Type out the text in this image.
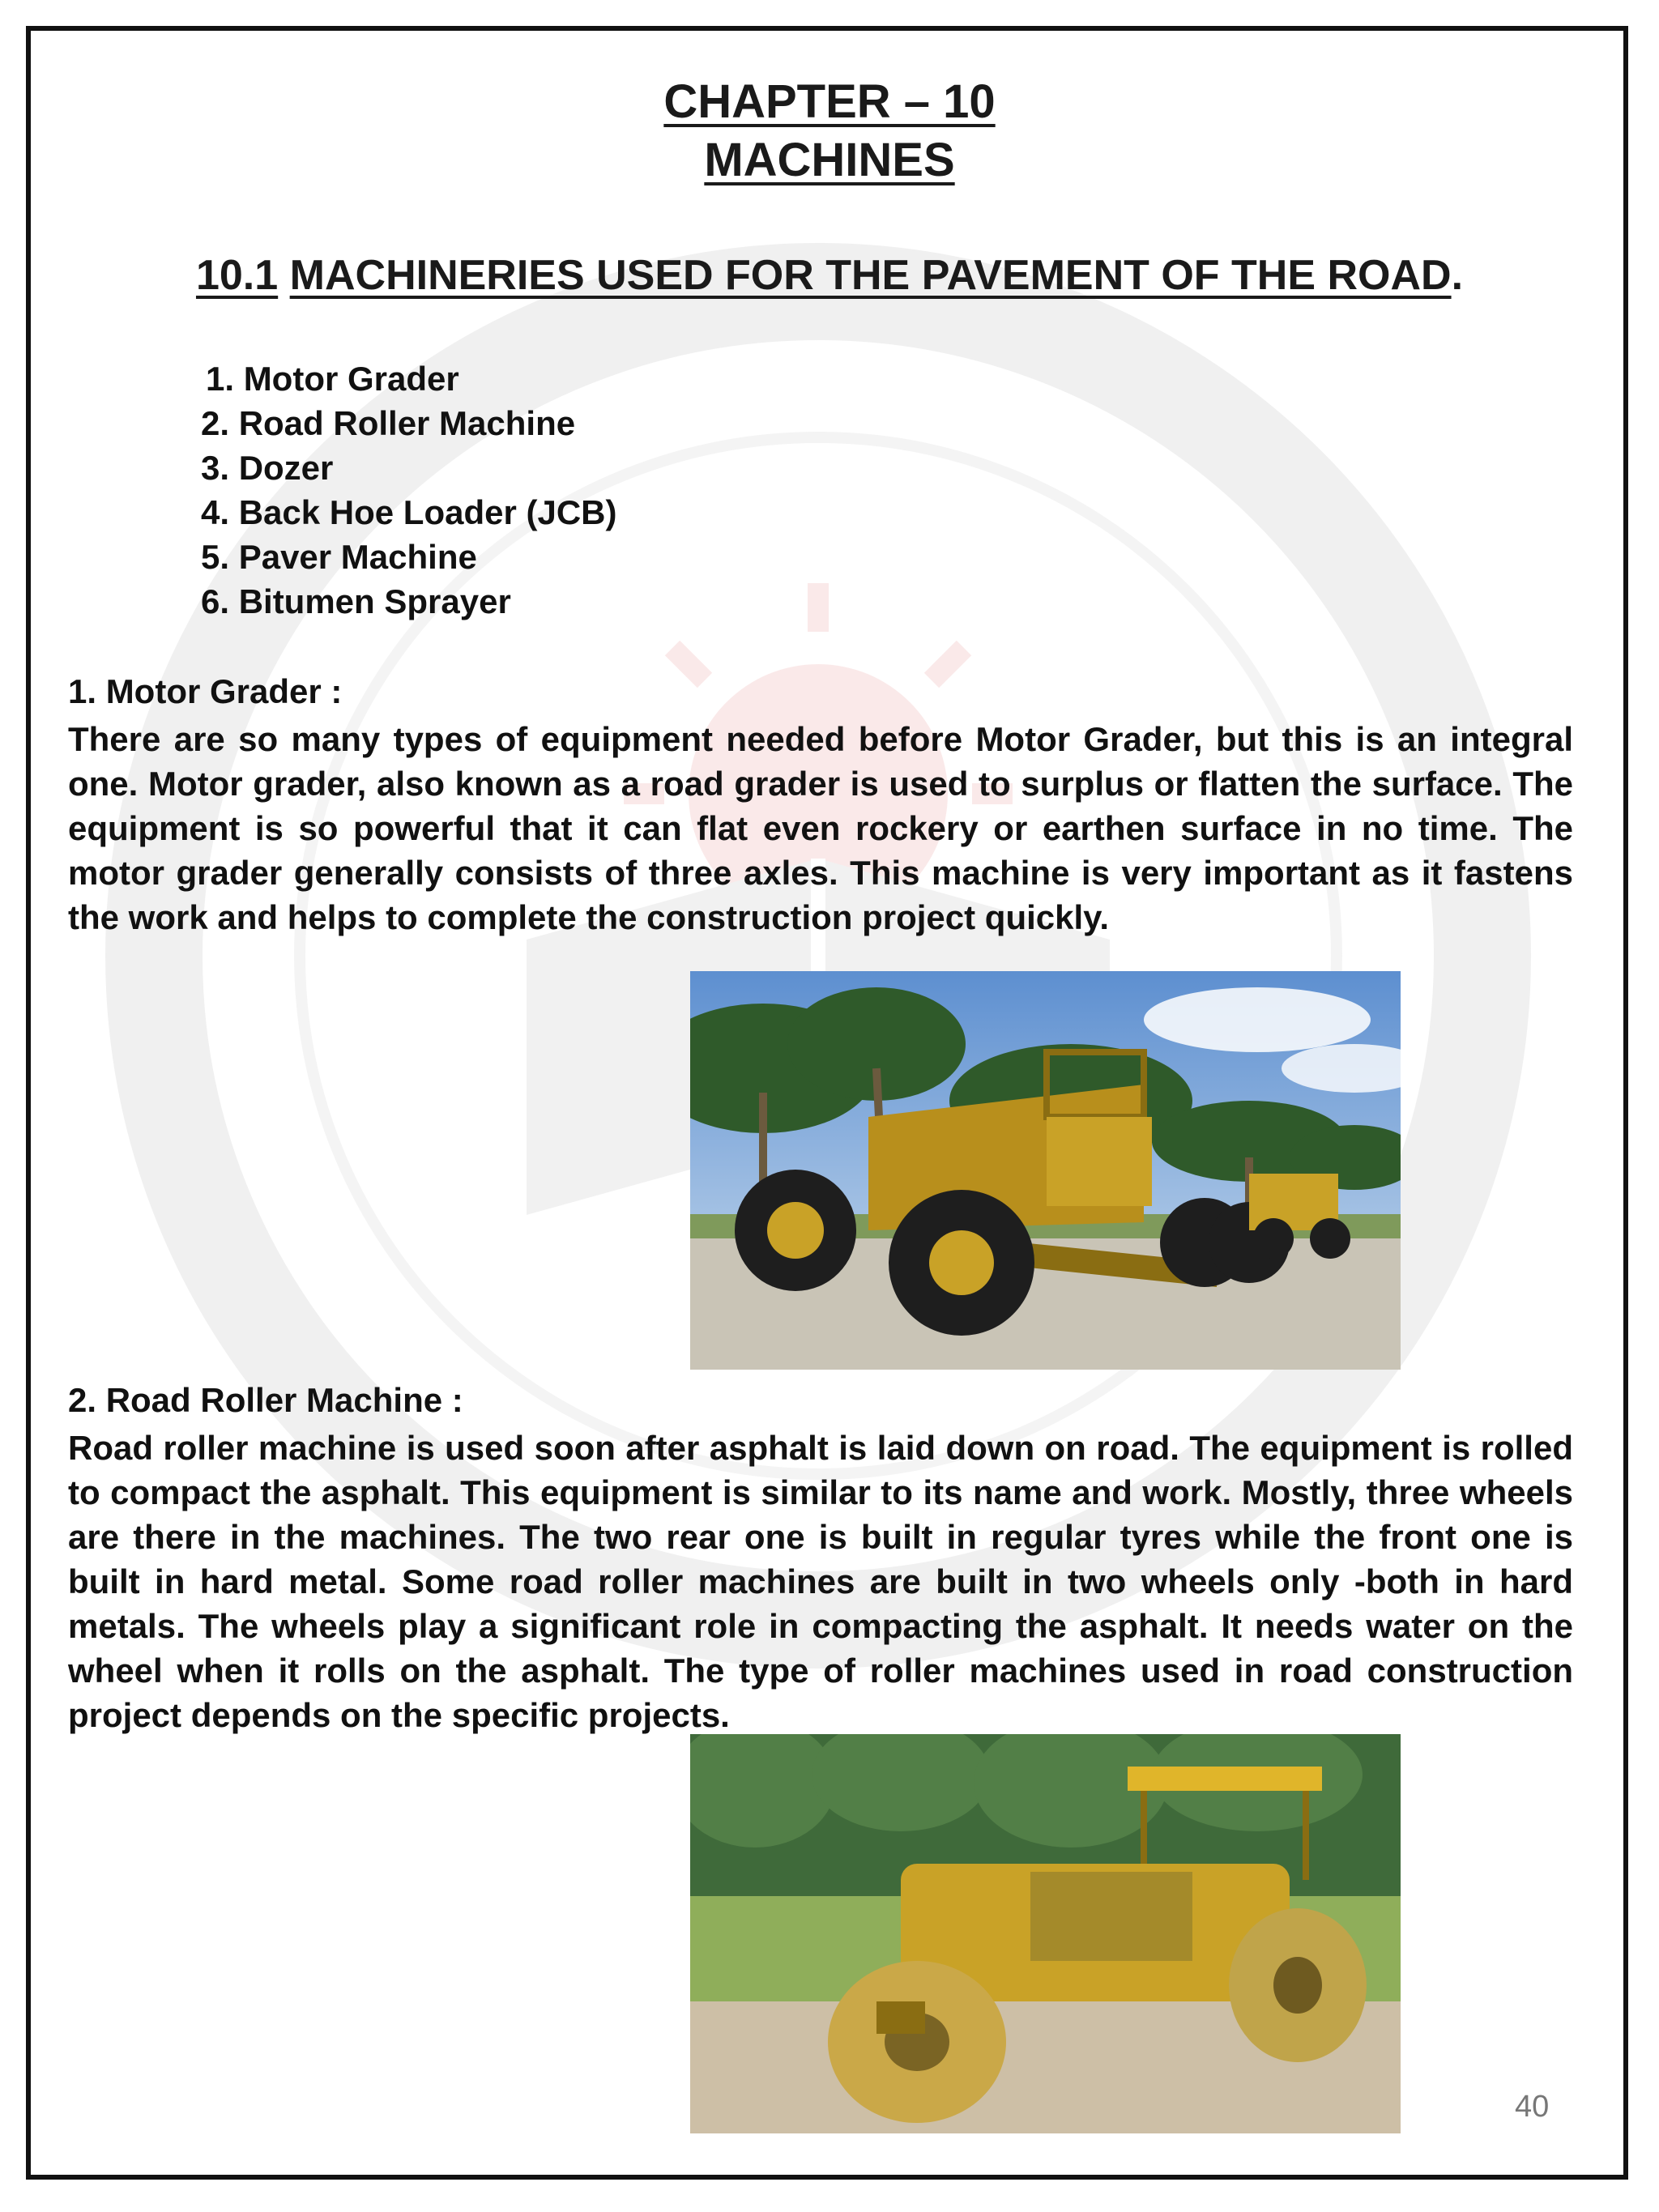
CHAPTER – 10
MACHINES
10.1 MACHINERIES USED FOR THE PAVEMENT OF THE ROAD.
1. Motor Grader
2. Road Roller Machine
3. Dozer
4. Back Hoe Loader (JCB)
5. Paver Machine
6. Bitumen Sprayer
1. Motor Grader :
There are so many types of equipment needed before Motor Grader, but this is an integral one. Motor grader, also known as a road grader is used to surplus or flatten the surface. The equipment is so powerful that it can flat even rockery or earthen surface in no time. The motor grader generally consists of three axles. This machine is very important as it fastens the work and helps to complete the construction project quickly.
2. Road Roller Machine :
Road roller machine is used soon after asphalt is laid down on road. The equipment is rolled to compact the asphalt. This equipment is similar to its name and work. Mostly, three wheels are there in the machines. The two rear one is built in regular tyres while the front one is built in hard metal. Some road roller machines are built in two wheels only -both in hard metals. The wheels play a significant role in compacting the asphalt. It needs water on the wheel when it rolls on the asphalt. The type of roller machines used in road construction project depends on the specific projects.
40
